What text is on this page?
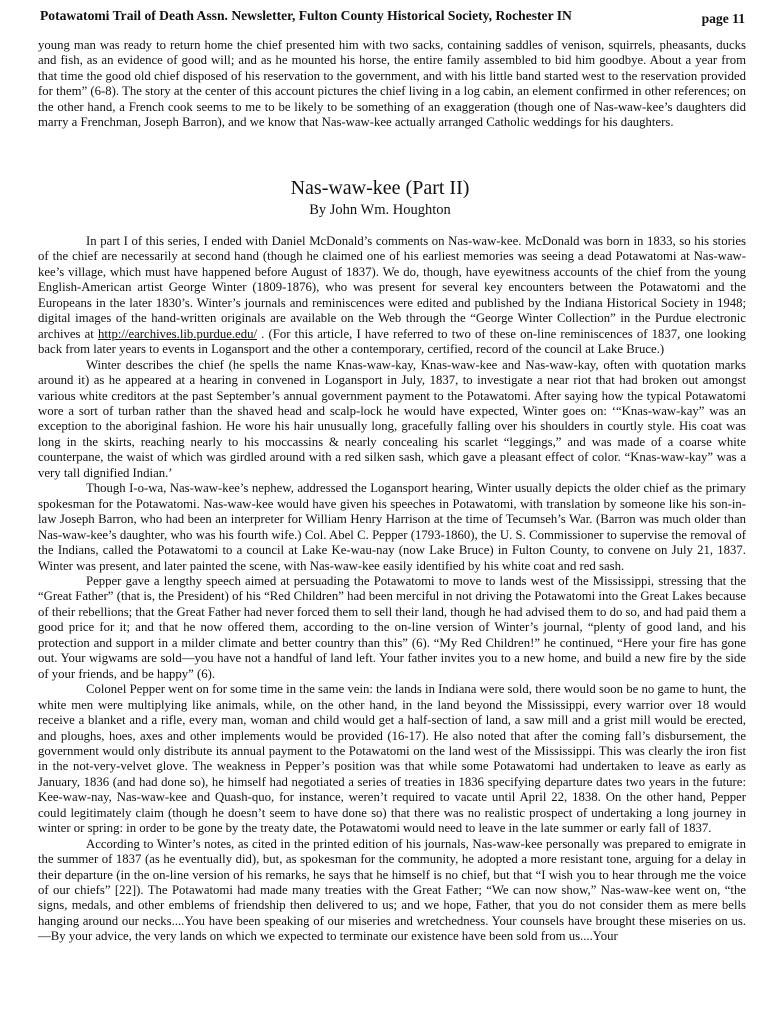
Potawatomi Trail of Death Assn. Newsletter, Fulton County Historical Society, Rochester IN	page 11

young man was ready to return home the chief presented him with two sacks, containing saddles of venison, squirrels, pheasants, ducks and fish, as an evidence of good will; and as he mounted his horse, the entire family assembled to bid him goodbye. About a year from that time the good old chief disposed of his reservation to the government, and with his little band started west to the reservation provided for them” (6-8). The story at the center of this account pictures the chief living in a log cabin, an element confirmed in other references; on the other hand, a French cook seems to me to be likely to be something of an exaggeration (though one of Nas-waw-kee’s daughters did marry a Frenchman, Joseph Barron), and we know that Nas-waw-kee actually arranged Catholic weddings for his daughters.

Nas-waw-kee (Part II)
By John Wm. Houghton

In part I of this series, I ended with Daniel McDonald’s comments on Nas-waw-kee. McDonald was born in 1833, so his stories of the chief are necessarily at second hand (though he claimed one of his earliest memories was seeing a dead Potawatomi at Nas-waw-kee’s village, which must have happened before August of 1837). We do, though, have eyewitness accounts of the chief from the young English-American artist George Winter (1809-1876), who was present for several key encounters between the Potawatomi and the Europeans in the later 1830’s. Winter’s journals and reminiscences were edited and published by the Indiana Historical Society in 1948; digital images of the hand-written originals are available on the Web through the “George Winter Collection” in the Purdue electronic archives at http://earchives.lib.purdue.edu/ . (For this article, I have referred to two of these on-line reminiscences of 1837, one looking back from later years to events in Logansport and the other a contemporary, certified, record of the council at Lake Bruce.)

Winter describes the chief (he spells the name Knas-waw-kay, Knas-waw-kee and Nas-waw-kay, often with quotation marks around it) as he appeared at a hearing in convened in Logansport in July, 1837, to investigate a near riot that had broken out amongst various white creditors at the past September’s annual government payment to the Potawatomi. After saying how the typical Potawatomi wore a sort of turban rather than the shaved head and scalp-lock he would have expected, Winter goes on: ‘“Knas-waw-kay” was an exception to the aboriginal fashion. He wore his hair unusually long, gracefully falling over his shoulders in courtly style. His coat was long in the skirts, reaching nearly to his moccassins & nearly concealing his scarlet “leggings,” and was made of a coarse white counterpane, the waist of which was girdled around with a red silken sash, which gave a pleasant effect of color. “Knas-waw-kay” was a very tall dignified Indian.’

Though I-o-wa, Nas-waw-kee’s nephew, addressed the Logansport hearing, Winter usually depicts the older chief as the primary spokesman for the Potawatomi. Nas-waw-kee would have given his speeches in Potawatomi, with translation by someone like his son-in-law Joseph Barron, who had been an interpreter for William Henry Harrison at the time of Tecumseh’s War. (Barron was much older than Nas-waw-kee’s daughter, who was his fourth wife.) Col. Abel C. Pepper (1793-1860), the U. S. Commissioner to supervise the removal of the Indians, called the Potawatomi to a council at Lake Ke-wau-nay (now Lake Bruce) in Fulton County, to convene on July 21, 1837. Winter was present, and later painted the scene, with Nas-waw-kee easily identified by his white coat and red sash.

Pepper gave a lengthy speech aimed at persuading the Potawatomi to move to lands west of the Mississippi, stressing that the “Great Father” (that is, the President) of his “Red Children” had been merciful in not driving the Potawatomi into the Great Lakes because of their rebellions; that the Great Father had never forced them to sell their land, though he had advised them to do so, and had paid them a good price for it; and that he now offered them, according to the on-line version of Winter’s journal, “plenty of good land, and his protection and support in a milder climate and better country than this” (6). “My Red Children!” he continued, “Here your fire has gone out. Your wigwams are sold—you have not a handful of land left. Your father invites you to a new home, and build a new fire by the side of your friends, and be happy” (6).

Colonel Pepper went on for some time in the same vein: the lands in Indiana were sold, there would soon be no game to hunt, the white men were multiplying like animals, while, on the other hand, in the land beyond the Mississippi, every warrior over 18 would receive a blanket and a rifle, every man, woman and child would get a half-section of land, a saw mill and a grist mill would be erected, and ploughs, hoes, axes and other implements would be provided (16-17). He also noted that after the coming fall’s disbursement, the government would only distribute its annual payment to the Potawatomi on the land west of the Mississippi. This was clearly the iron fist in the not-very-velvet glove. The weakness in Pepper’s position was that while some Potawatomi had undertaken to leave as early as January, 1836 (and had done so), he himself had negotiated a series of treaties in 1836 specifying departure dates two years in the future: Kee-waw-nay, Nas-waw-kee and Quash-quo, for instance, weren’t required to vacate until April 22, 1838. On the other hand, Pepper could legitimately claim (though he doesn’t seem to have done so) that there was no realistic prospect of undertaking a long journey in winter or spring: in order to be gone by the treaty date, the Potawatomi would need to leave in the late summer or early fall of 1837.

According to Winter’s notes, as cited in the printed edition of his journals, Nas-waw-kee personally was prepared to emigrate in the summer of 1837 (as he eventually did), but, as spokesman for the community, he adopted a more resistant tone, arguing for a delay in their departure (in the on-line version of his remarks, he says that he himself is no chief, but that “I wish you to hear through me the voice of our chiefs” [22]). The Potawatomi had made many treaties with the Great Father; “We can now show,” Nas-waw-kee went on, “the signs, medals, and other emblems of friendship then delivered to us; and we hope, Father, that you do not consider them as mere bells hanging around our necks....You have been speaking of our miseries and wretchedness. Your counsels have brought these miseries on us.—By your advice, the very lands on which we expected to terminate our existence have been sold from us....Your
